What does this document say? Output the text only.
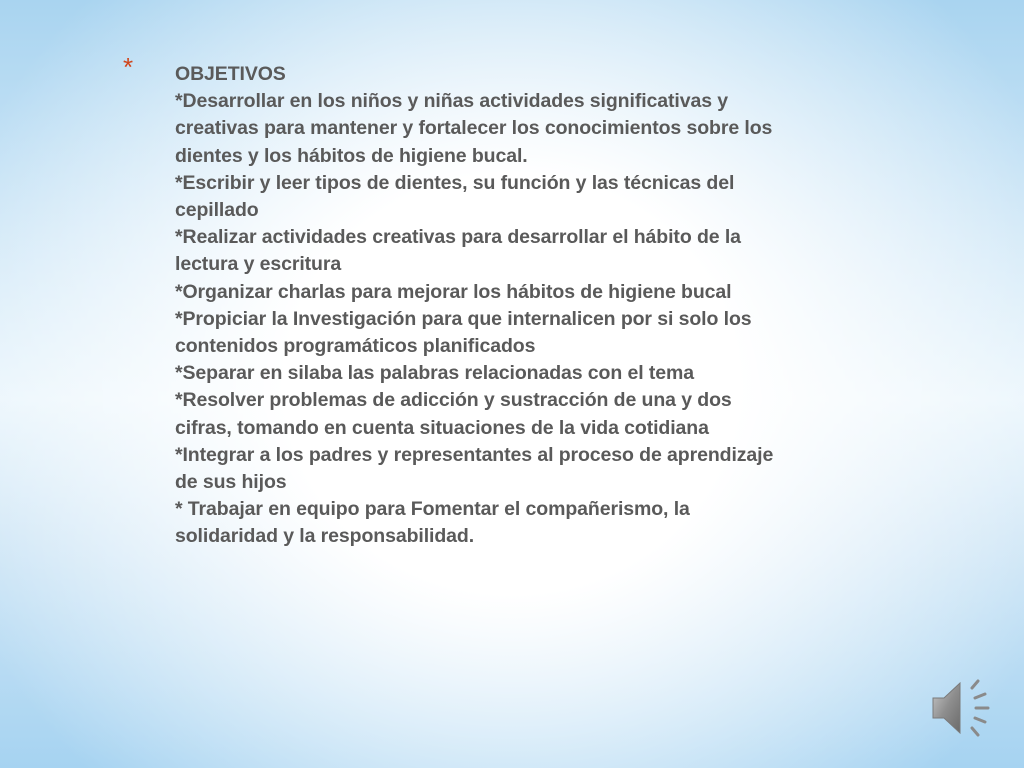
* OBJETIVOS
*Desarrollar en los niños y niñas actividades significativas y
creativas para mantener y fortalecer los conocimientos sobre los
dientes y los hábitos de higiene bucal.
*Escribir y leer tipos de dientes, su función y las técnicas del
cepillado
*Realizar actividades creativas para desarrollar el hábito de la
lectura y escritura
*Organizar charlas para mejorar los hábitos de higiene bucal
*Propiciar la Investigación para que internalicen por si solo los
contenidos programáticos planificados
*Separar en silaba las palabras relacionadas con el tema
*Resolver problemas de adicción y sustracción de una y dos
cifras, tomando en cuenta situaciones de la vida cotidiana
*Integrar a los padres y representantes al proceso de aprendizaje
de sus hijos
* Trabajar en equipo para Fomentar el compañerismo, la
solidaridad y la responsabilidad.
